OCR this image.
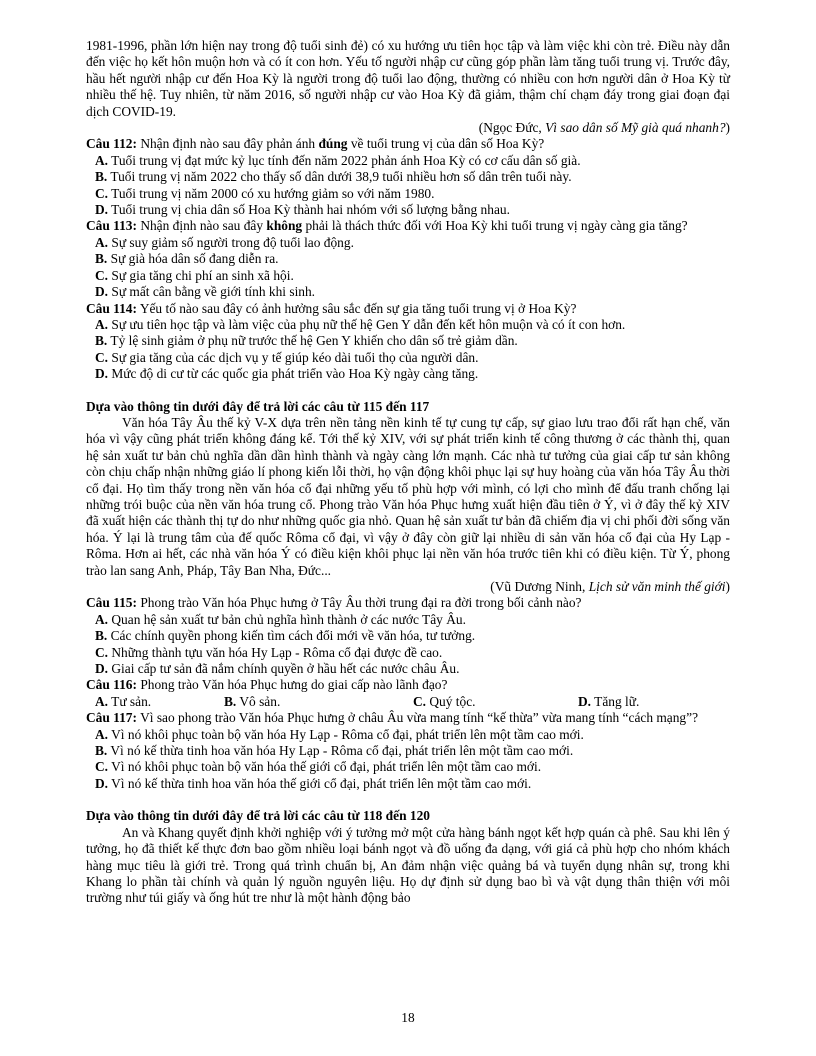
1981-1996, phần lớn hiện nay trong độ tuổi sinh đẻ) có xu hướng ưu tiên học tập và làm việc khi còn trẻ. Điều này dẫn đến việc họ kết hôn muộn hơn và có ít con hơn. Yếu tố người nhập cư cũng góp phần làm tăng tuổi trung vị. Trước đây, hầu hết người nhập cư đến Hoa Kỳ là người trong độ tuổi lao động, thường có nhiều con hơn người dân ở Hoa Kỳ từ nhiều thế hệ. Tuy nhiên, từ năm 2016, số người nhập cư vào Hoa Kỳ đã giảm, thậm chí chạm đáy trong giai đoạn đại dịch COVID-19.

(Ngọc Đức, Vì sao dân số Mỹ già quá nhanh?)

Câu 112: Nhận định nào sau đây phản ánh đúng về tuổi trung vị của dân số Hoa Kỳ?

A. Tuổi trung vị đạt mức kỷ lục tính đến năm 2022 phản ánh Hoa Kỳ có cơ cấu dân số già.

B. Tuổi trung vị năm 2022 cho thấy số dân dưới 38,9 tuổi nhiều hơn số dân trên tuổi này.

C. Tuổi trung vị năm 2000 có xu hướng giảm so với năm 1980.

D. Tuổi trung vị chia dân số Hoa Kỳ thành hai nhóm với số lượng bằng nhau.

Câu 113: Nhận định nào sau đây không phải là thách thức đối với Hoa Kỳ khi tuổi trung vị ngày càng gia tăng?

A. Sự suy giảm số người trong độ tuổi lao động.

B. Sự già hóa dân số đang diễn ra.

C. Sự gia tăng chi phí an sinh xã hội.

D. Sự mất cân bằng về giới tính khi sinh.

Câu 114: Yếu tố nào sau đây có ảnh hưởng sâu sắc đến sự gia tăng tuổi trung vị ở Hoa Kỳ?

A. Sự ưu tiên học tập và làm việc của phụ nữ thế hệ Gen Y dẫn đến kết hôn muộn và có ít con hơn.

B. Tỷ lệ sinh giảm ở phụ nữ trước thế hệ Gen Y khiến cho dân số trẻ giảm dần.

C. Sự gia tăng của các dịch vụ y tế giúp kéo dài tuổi thọ của người dân.

D. Mức độ di cư từ các quốc gia phát triển vào Hoa Kỳ ngày càng tăng.

Dựa vào thông tin dưới đây để trả lời các câu từ 115 đến 117

Văn hóa Tây Âu thế kỷ V-X dựa trên nền tảng nền kinh tế tự cung tự cấp, sự giao lưu trao đổi rất hạn chế, văn hóa vì vậy cũng phát triển không đáng kể. Tới thế kỷ XIV, với sự phát triển kinh tế công thương ở các thành thị, quan hệ sản xuất tư bản chủ nghĩa dần dần hình thành và ngày càng lớn mạnh. Các nhà tư tưởng của giai cấp tư sản không còn chịu chấp nhận những giáo lí phong kiến lỗi thời, họ vận động khôi phục lại sự huy hoàng của văn hóa Tây Âu thời cổ đại. Họ tìm thấy trong nền văn hóa cổ đại những yếu tố phù hợp với mình, có lợi cho mình để đấu tranh chống lại những trói buộc của nền văn hóa trung cổ. Phong trào Văn hóa Phục hưng xuất hiện đầu tiên ở Ý, vì ở đây thế kỷ XIV đã xuất hiện các thành thị tự do như những quốc gia nhỏ. Quan hệ sản xuất tư bản đã chiếm địa vị chi phối đời sống văn hóa. Ý lại là trung tâm của đế quốc Rôma cổ đại, vì vậy ở đây còn giữ lại nhiều di sản văn hóa cổ đại của Hy Lạp - Rôma. Hơn ai hết, các nhà văn hóa Ý có điều kiện khôi phục lại nền văn hóa trước tiên khi có điều kiện. Từ Ý, phong trào lan sang Anh, Pháp, Tây Ban Nha, Đức...

(Vũ Dương Ninh, Lịch sử văn minh thế giới)

Câu 115: Phong trào Văn hóa Phục hưng ở Tây Âu thời trung đại ra đời trong bối cảnh nào?

A. Quan hệ sản xuất tư bản chủ nghĩa hình thành ở các nước Tây Âu.

B. Các chính quyền phong kiến tìm cách đổi mới về văn hóa, tư tưởng.

C. Những thành tựu văn hóa Hy Lạp - Rôma cổ đại được đề cao.

D. Giai cấp tư sản đã nắm chính quyền ở hầu hết các nước châu Âu.

Câu 116: Phong trào Văn hóa Phục hưng do giai cấp nào lãnh đạo?

A. Tư sản.	B. Vô sản.	C. Quý tộc.	D. Tăng lữ.

Câu 117: Vì sao phong trào Văn hóa Phục hưng ở châu Âu vừa mang tính “kế thừa” vừa mang tính “cách mạng”?

A. Vì nó khôi phục toàn bộ văn hóa Hy Lạp - Rôma cổ đại, phát triển lên một tầm cao mới.

B. Vì nó kế thừa tinh hoa văn hóa Hy Lạp - Rôma cổ đại, phát triển lên một tầm cao mới.

C. Vì nó khôi phục toàn bộ văn hóa thế giới cổ đại, phát triển lên một tầm cao mới.

D. Vì nó kế thừa tinh hoa văn hóa thế giới cổ đại, phát triển lên một tầm cao mới.

Dựa vào thông tin dưới đây để trả lời các câu từ 118 đến 120

An và Khang quyết định khởi nghiệp với ý tưởng mở một cửa hàng bánh ngọt kết hợp quán cà phê. Sau khi lên ý tưởng, họ đã thiết kế thực đơn bao gồm nhiều loại bánh ngọt và đồ uống đa dạng, với giá cả phù hợp cho nhóm khách hàng mục tiêu là giới trẻ. Trong quá trình chuẩn bị, An đảm nhận việc quảng bá và tuyển dụng nhân sự, trong khi Khang lo phần tài chính và quản lý nguồn nguyên liệu. Họ dự định sử dụng bao bì và vật dụng thân thiện với môi trường như túi giấy và ống hút tre như là một hành động bảo

18
